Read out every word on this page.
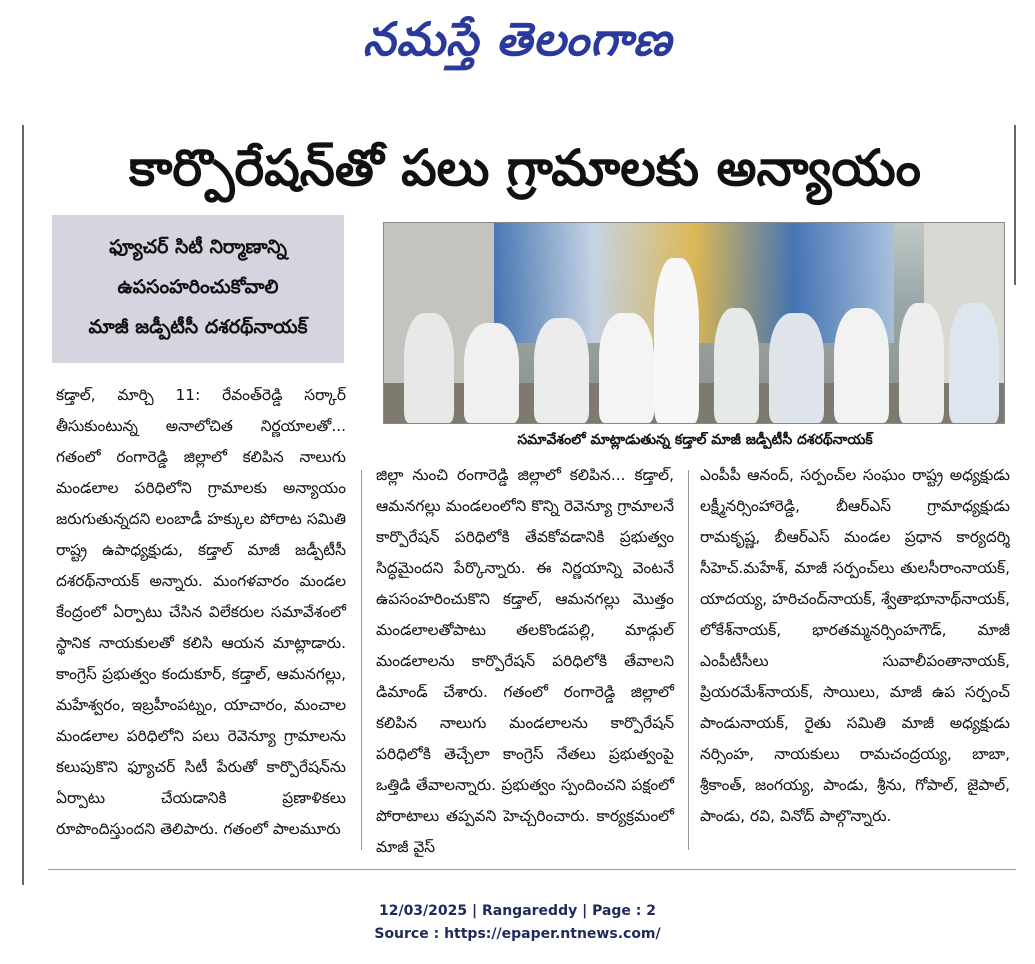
నమస్తే తెలంగాణ
కార్పొరేషన్‌తో పలు గ్రామాలకు అన్యాయం
ఫ్యూచర్ సిటీ నిర్మాణాన్ని
ఉపసంహరించుకోవాలి
మాజీ జడ్పీటీసీ దశరథ్‌నాయక్
సమావేశంలో మాట్లాడుతున్న కడ్తాల్ మాజీ జడ్పీటీసీ దశరథ్‌నాయక్
కడ్తాల్, మార్చి 11: రేవంత్‌రెడ్డి సర్కార్ తీసుకుంటున్న అనాలోచిత నిర్ణయాలతో... గతంలో రంగారెడ్డి జిల్లాలో కలిపిన నాలుగు మండలాల పరిధిలోని గ్రామాలకు అన్యాయం జరుగుతున్నదని లంబాడీ హక్కుల పోరాట సమితి రాష్ట్ర ఉపాధ్యక్షుడు, కడ్తాల్ మాజీ జడ్పీటీసీ దశరథ్‌నాయక్ అన్నారు. మంగళవారం మండల కేంద్రంలో ఏర్పాటు చేసిన విలేకరుల సమావేశంలో స్థానిక నాయకులతో కలిసి ఆయన మాట్లాడారు. కాంగ్రెస్ ప్రభుత్వం కందుకూర్, కడ్తాల్, ఆమనగల్లు, మహేశ్వరం, ఇబ్రహీంపట్నం, యాచారం, మంచాల మండలాల పరిధిలోని పలు రెవెన్యూ గ్రామాలను కలుపుకొని ఫ్యూచర్ సిటీ పేరుతో కార్పొరేషన్‌ను ఏర్పాటు చేయడానికి ప్రణాళికలు రూపొందిస్తుందని తెలిపారు. గతంలో పాలమూరు
జిల్లా నుంచి రంగారెడ్డి జిల్లాలో కలిపిన... కడ్తాల్, ఆమనగల్లు మండలంలోని కొన్ని రెవెన్యూ గ్రామాలనే కార్పొరేషన్ పరిధిలోకి తేవకోవడానికి ప్రభుత్వం సిద్ధమైందని పేర్కొన్నారు. ఈ నిర్ణయాన్ని వెంటనే ఉపసంహరించుకొని కడ్తాల్, ఆమనగల్లు మొత్తం మండలాలతోపాటు తలకొండపల్లి, మాడ్గుల్ మండలాలను కార్పొరేషన్ పరిధిలోకి తేవాలని డిమాండ్ చేశారు. గతంలో రంగారెడ్డి జిల్లాలో కలిపిన నాలుగు మండలాలను కార్పొరేషన్ పరిధిలోకి తెచ్చేలా కాంగ్రెస్ నేతలు ప్రభుత్వంపై ఒత్తిడి తేవాలన్నారు. ప్రభుత్వం స్పందించని పక్షంలో పోరాటాలు తప్పవని హెచ్చరించారు. కార్యక్రమంలో మాజీ వైస్
ఎంపీపీ ఆనంద్, సర్పంచ్‌ల సంఘం రాష్ట్ర అధ్యక్షుడు లక్ష్మీనర్సింహారెడ్డి, బీఆర్‌ఎస్ గ్రామాధ్యక్షుడు రామకృష్ణ, బీఆర్‌ఎస్ మండల ప్రధాన కార్యదర్శి సీహెచ్.మహేశ్, మాజీ సర్పంచ్‌లు తులసీరాంనాయక్, యాదయ్య, హరిచంద్‌నాయక్, శ్వేతాభూనాథ్‌నాయక్, లోకేశ్‌నాయక్, భారతమ్మనర్సింహగౌడ్, మాజీ ఎంపీటీసీలు సువాలీపంతానాయక్, ప్రియరమేశ్‌నాయక్, సాయిలు, మాజీ ఉప సర్పంచ్ పాండునాయక్, రైతు సమితి మాజీ అధ్యక్షుడు నర్సింహ, నాయకులు రామచంద్రయ్య, బాబా, శ్రీకాంత్, జంగయ్య, పాండు, శ్రీను, గోపాల్, జైపాల్, పాండు, రవి, వినోద్ పాల్గొన్నారు.
12/03/2025 | Rangareddy | Page : 2
Source : https://epaper.ntnews.com/
